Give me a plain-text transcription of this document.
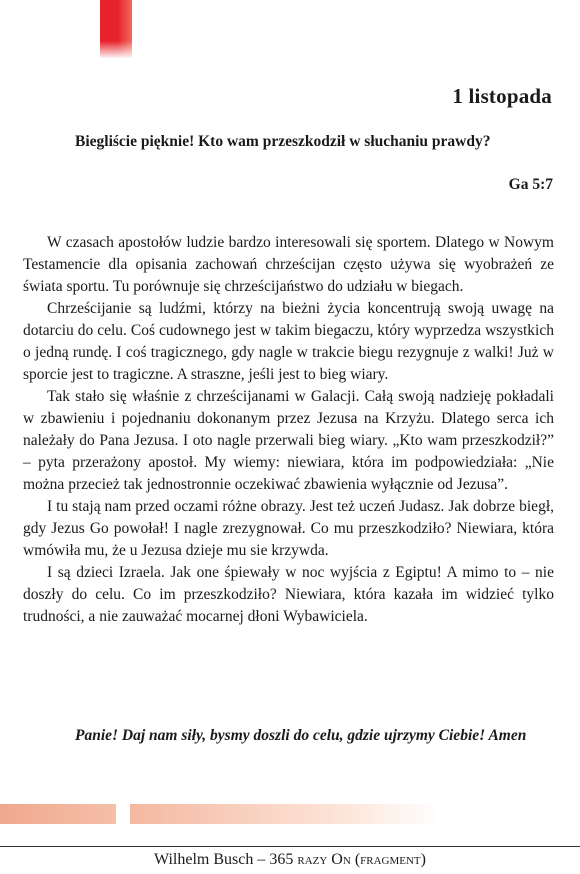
1 listopada
Biegliście pięknie! Kto wam przeszkodził w słuchaniu prawdy?
Ga 5:7

W czasach apostołów ludzie bardzo interesowali się sportem. Dlatego w Nowym Testamencie dla opisania zachowań chrześcijan często używa się wyobrażeń ze świata sportu. Tu porównuje się chrześcijaństwo do udziału w biegach.

Chrześcijanie są ludźmi, którzy na bieżni życia koncentrują swoją uwagę na dotarciu do celu. Coś cudownego jest w takim biegaczu, który wyprzedza wszystkich o jedną rundę. I coś tragicznego, gdy nagle w trakcie biegu rezygnuje z walki! Już w sporcie jest to tragiczne. A straszne, jeśli jest to bieg wiary.

Tak stało się właśnie z chrześcijanami w Galacji. Całą swoją nadzieję pokładali w zbawieniu i pojednaniu dokonanym przez Jezusa na Krzyżu. Dlatego serca ich należały do Pana Jezusa. I oto nagle przerwali bieg wiary. „Kto wam przeszkodził?” – pyta przerażony apostoł. My wiemy: niewiara, która im podpowiedziała: „Nie można przecież tak jednostronnie oczekiwać zbawienia wyłącznie od Jezusa”.

I tu stają nam przed oczami różne obrazy. Jest też uczeń Judasz. Jak dobrze biegł, gdy Jezus Go powołał! I nagle zrezygnował. Co mu przeszkodziło? Niewiara, która wmówiła mu, że u Jezusa dzieje mu sie krzywda.

I są dzieci Izraela. Jak one śpiewały w noc wyjścia z Egiptu! A mimo to – nie doszły do celu. Co im przeszkodziło? Niewiara, która kazała im widzieć tylko trudności, a nie zauważać mocarnej dłoni Wybawiciela.

Panie! Daj nam siły, bysmy doszli do celu, gdzie ujrzymy Ciebie! Amen
Wilhelm Busch – 365 razy On (fragment)
